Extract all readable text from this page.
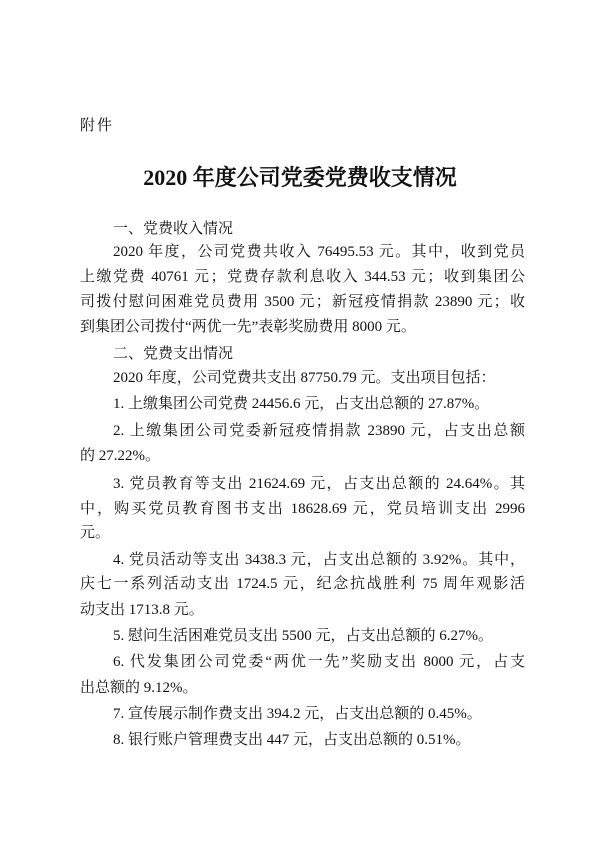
附件
2020 年度公司党委党费收支情况
一、党费收入情况
2020 年度，公司党费共收入 76495.53 元。其中，收到党员
上缴党费 40761 元；党费存款利息收入 344.53 元；收到集团公
司拨付慰问困难党员费用 3500 元；新冠疫情捐款 23890 元；收
到集团公司拨付“两优一先”表彰奖励费用 8000 元。
二、党费支出情况
2020 年度，公司党费共支出 87750.79 元。支出项目包括：
1. 上缴集团公司党费 24456.6 元，占支出总额的 27.87%。
2. 上缴集团公司党委新冠疫情捐款 23890 元，占支出总额
的 27.22%。
3. 党员教育等支出 21624.69 元，占支出总额的 24.64%。其
中，购买党员教育图书支出 18628.69 元，党员培训支出 2996
元。
4. 党员活动等支出 3438.3 元，占支出总额的 3.92%。其中，
庆七一系列活动支出 1724.5 元，纪念抗战胜利 75 周年观影活
动支出 1713.8 元。
5. 慰问生活困难党员支出 5500 元，占支出总额的 6.27%。
6. 代发集团公司党委“两优一先”奖励支出 8000 元，占支
出总额的 9.12%。
7. 宣传展示制作费支出 394.2 元，占支出总额的 0.45%。
8. 银行账户管理费支出 447 元，占支出总额的 0.51%。
